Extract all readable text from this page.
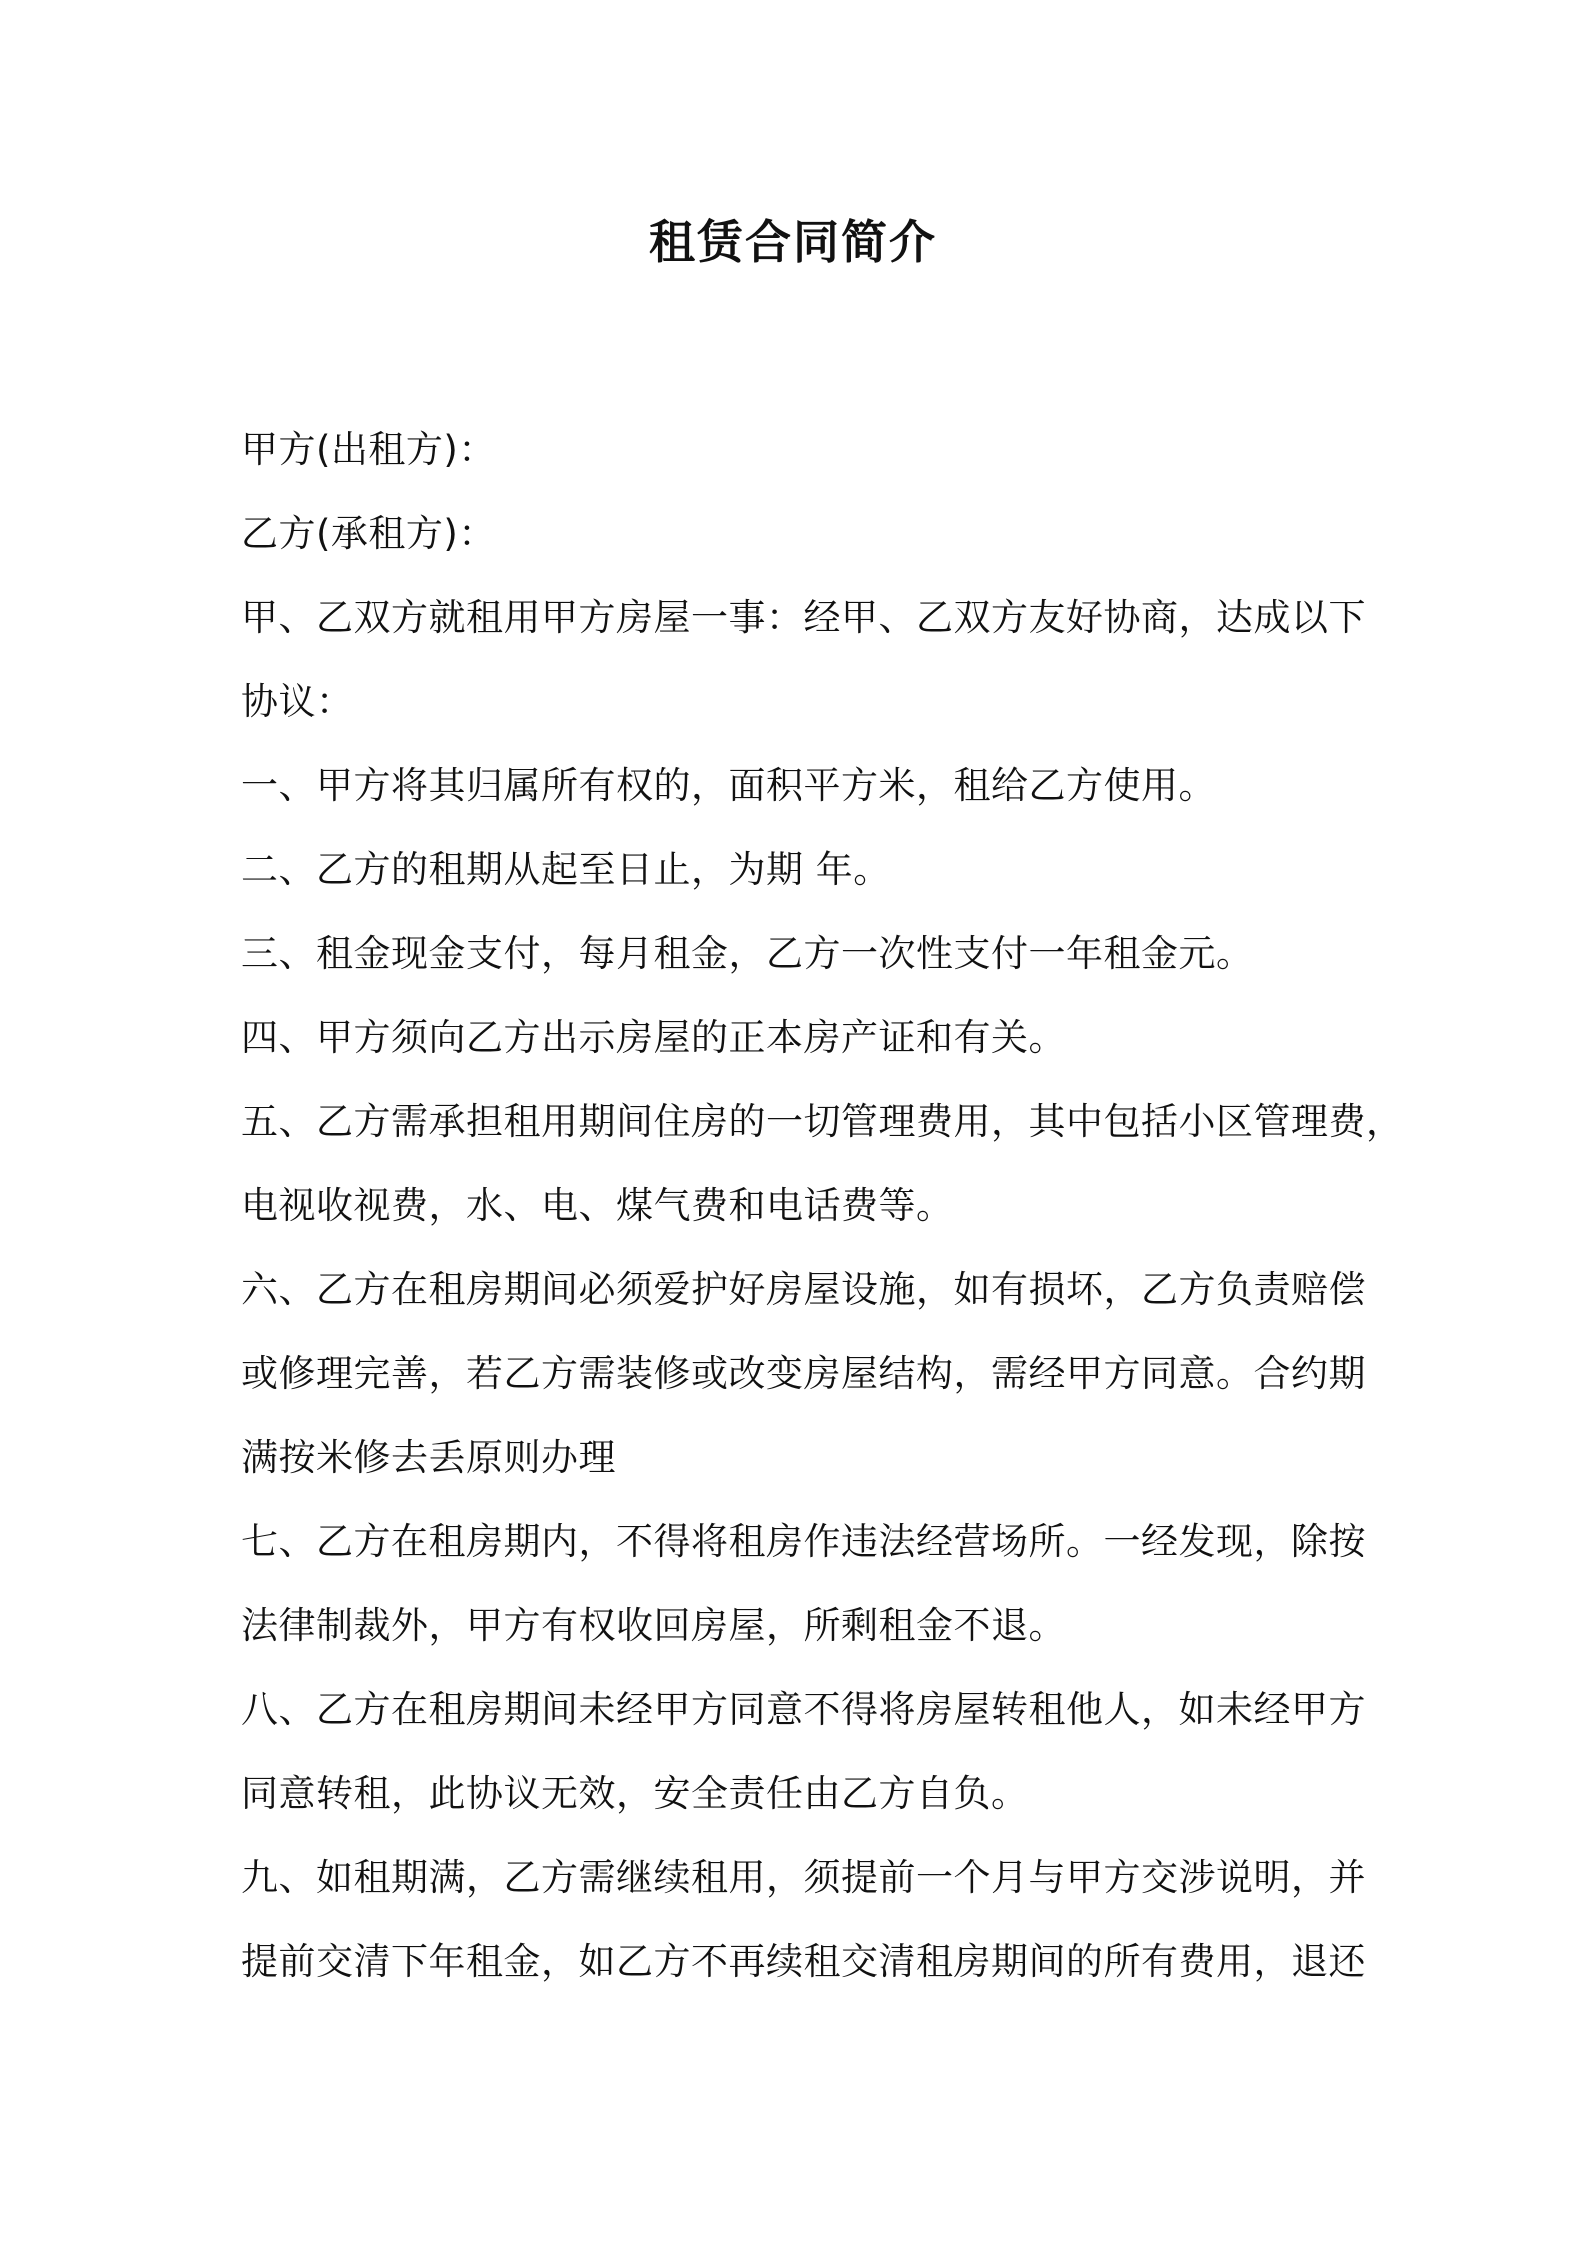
租赁合同简介
甲方(出租方)：
乙方(承租方)：
甲、乙双方就租用甲方房屋一事：经甲、乙双方友好协商，达成以下
协议：
一、甲方将其归属所有权的，面积平方米，租给乙方使用。
二、乙方的租期从起至日止，为期 年。
三、租金现金支付，每月租金，乙方一次性支付一年租金元。
四、甲方须向乙方出示房屋的正本房产证和有关。
五、乙方需承担租用期间住房的一切管理费用，其中包括小区管理费，
电视收视费，水、电、煤气费和电话费等。
六、乙方在租房期间必须爱护好房屋设施，如有损坏，乙方负责赔偿
或修理完善，若乙方需装修或改变房屋结构，需经甲方同意。合约期
满按米修去丢原则办理
七、乙方在租房期内，不得将租房作违法经营场所。一经发现，除按
法律制裁外，甲方有权收回房屋，所剩租金不退。
八、乙方在租房期间未经甲方同意不得将房屋转租他人，如未经甲方
同意转租，此协议无效，安全责任由乙方自负。
九、如租期满，乙方需继续租用，须提前一个月与甲方交涉说明，并
提前交清下年租金，如乙方不再续租交清租房期间的所有费用，退还
